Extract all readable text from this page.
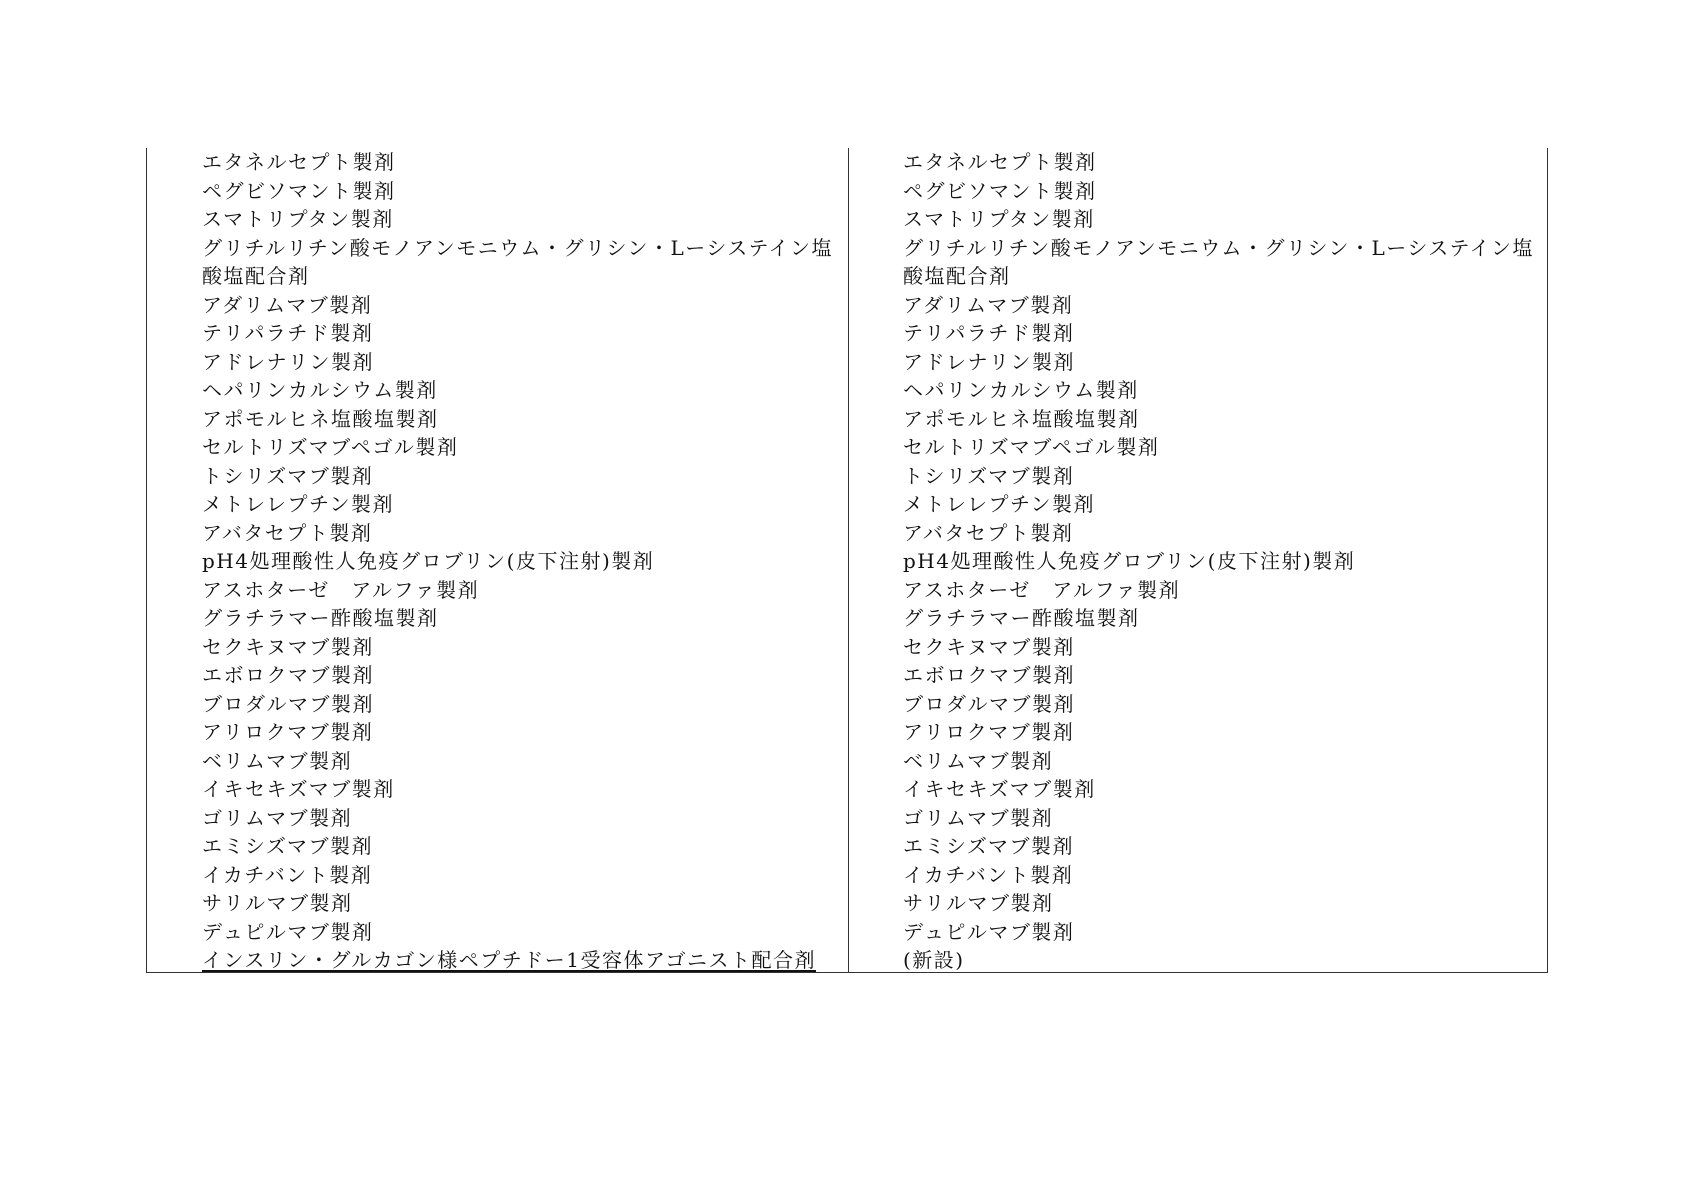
エタネルセプト製剤
ペグビソマント製剤
スマトリプタン製剤
グリチルリチン酸モノアンモニウム・グリシン・Lーシステイン塩酸塩配合剤
アダリムマブ製剤
テリパラチド製剤
アドレナリン製剤
ヘパリンカルシウム製剤
アポモルヒネ塩酸塩製剤
セルトリズマブペゴル製剤
トシリズマブ製剤
メトレレプチン製剤
アバタセプト製剤
pH4処理酸性人免疫グロブリン(皮下注射)製剤
アスホターゼ　アルファ製剤
グラチラマー酢酸塩製剤
セクキヌマブ製剤
エボロクマブ製剤
ブロダルマブ製剤
アリロクマブ製剤
ベリムマブ製剤
イキセキズマブ製剤
ゴリムマブ製剤
エミシズマブ製剤
イカチバント製剤
サリルマブ製剤
デュピルマブ製剤
インスリン・グルカゴン様ペプチドー1受容体アゴニスト配合剤
エタネルセプト製剤
ペグビソマント製剤
スマトリプタン製剤
グリチルリチン酸モノアンモニウム・グリシン・Lーシステイン塩酸塩配合剤
アダリムマブ製剤
テリパラチド製剤
アドレナリン製剤
ヘパリンカルシウム製剤
アポモルヒネ塩酸塩製剤
セルトリズマブペゴル製剤
トシリズマブ製剤
メトレレプチン製剤
アバタセプト製剤
pH4処理酸性人免疫グロブリン(皮下注射)製剤
アスホターゼ　アルファ製剤
グラチラマー酢酸塩製剤
セクキヌマブ製剤
エボロクマブ製剤
ブロダルマブ製剤
アリロクマブ製剤
ベリムマブ製剤
イキセキズマブ製剤
ゴリムマブ製剤
エミシズマブ製剤
イカチバント製剤
サリルマブ製剤
デュピルマブ製剤
(新設)
